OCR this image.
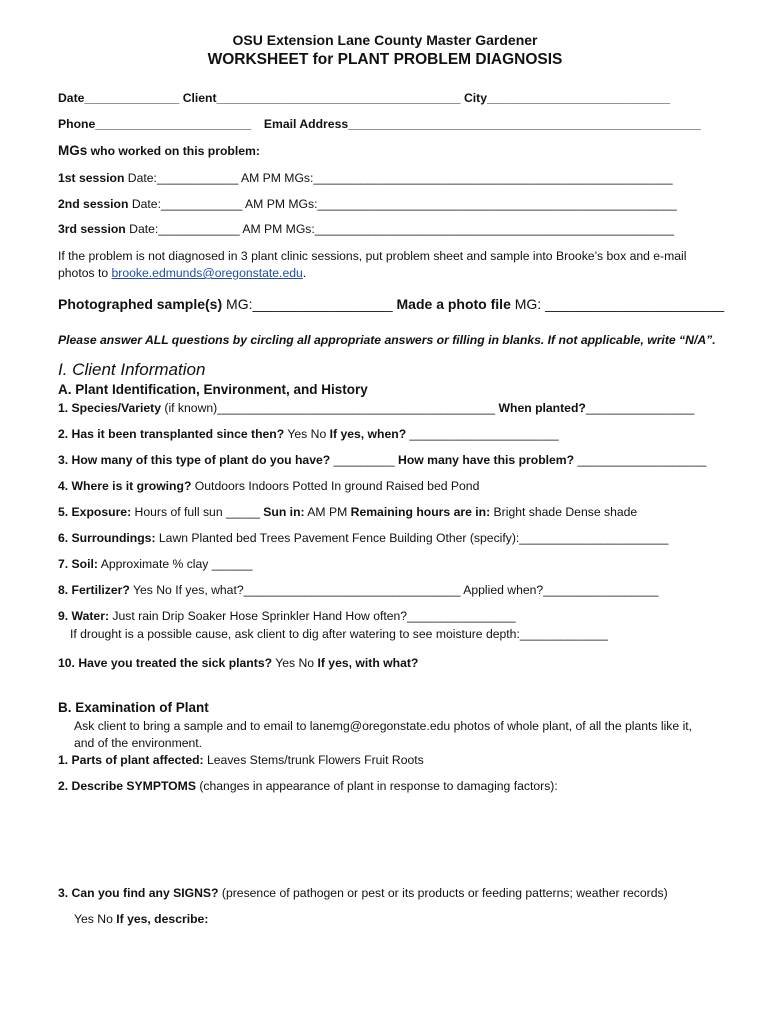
OSU Extension Lane County Master Gardener
WORKSHEET for PLANT PROBLEM DIAGNOSIS
Date______________ Client____________________________________ City___________________________
Phone_______________________ Email Address____________________________________________________
MGs who worked on this problem:
1st session Date:____________ AM PM MGs:_____________________________________________________
2nd session Date:____________ AM PM MGs:_____________________________________________________
3rd session Date:____________ AM PM MGs:_____________________________________________________
If the problem is not diagnosed in 3 plant clinic sessions, put problem sheet and sample into Brooke’s box and e-mail photos to brooke.edmunds@oregonstate.edu.
Photographed sample(s) MG:__________________ Made a photo file MG: _______________________
Please answer ALL questions by circling all appropriate answers or filling in blanks. If not applicable, write “N/A”.
I. Client Information
A. Plant Identification, Environment, and History
1. Species/Variety (if known)_________________________________________ When planted?________________
2. Has it been transplanted since then? Yes No If yes, when? ______________________
3. How many of this type of plant do you have? _________ How many have this problem? ___________________
4. Where is it growing? Outdoors Indoors Potted In ground Raised bed Pond
5. Exposure: Hours of full sun _____ Sun in: AM PM Remaining hours are in: Bright shade Dense shade
6. Surroundings: Lawn Planted bed Trees Pavement Fence Building Other (specify):______________________
7. Soil: Approximate % clay ______
8. Fertilizer? Yes No If yes, what?________________________________ Applied when?_________________
9. Water: Just rain Drip Soaker Hose Sprinkler Hand How often?________________
If drought is a possible cause, ask client to dig after watering to see moisture depth:_____________
10. Have you treated the sick plants? Yes No If yes, with what?
B. Examination of Plant
Ask client to bring a sample and to email to lanemg@oregonstate.edu photos of whole plant, of all the plants like it, and of the environment.
1. Parts of plant affected: Leaves Stems/trunk Flowers Fruit Roots
2. Describe SYMPTOMS (changes in appearance of plant in response to damaging factors):
3. Can you find any SIGNS? (presence of pathogen or pest or its products or feeding patterns; weather records)
Yes No If yes, describe:
